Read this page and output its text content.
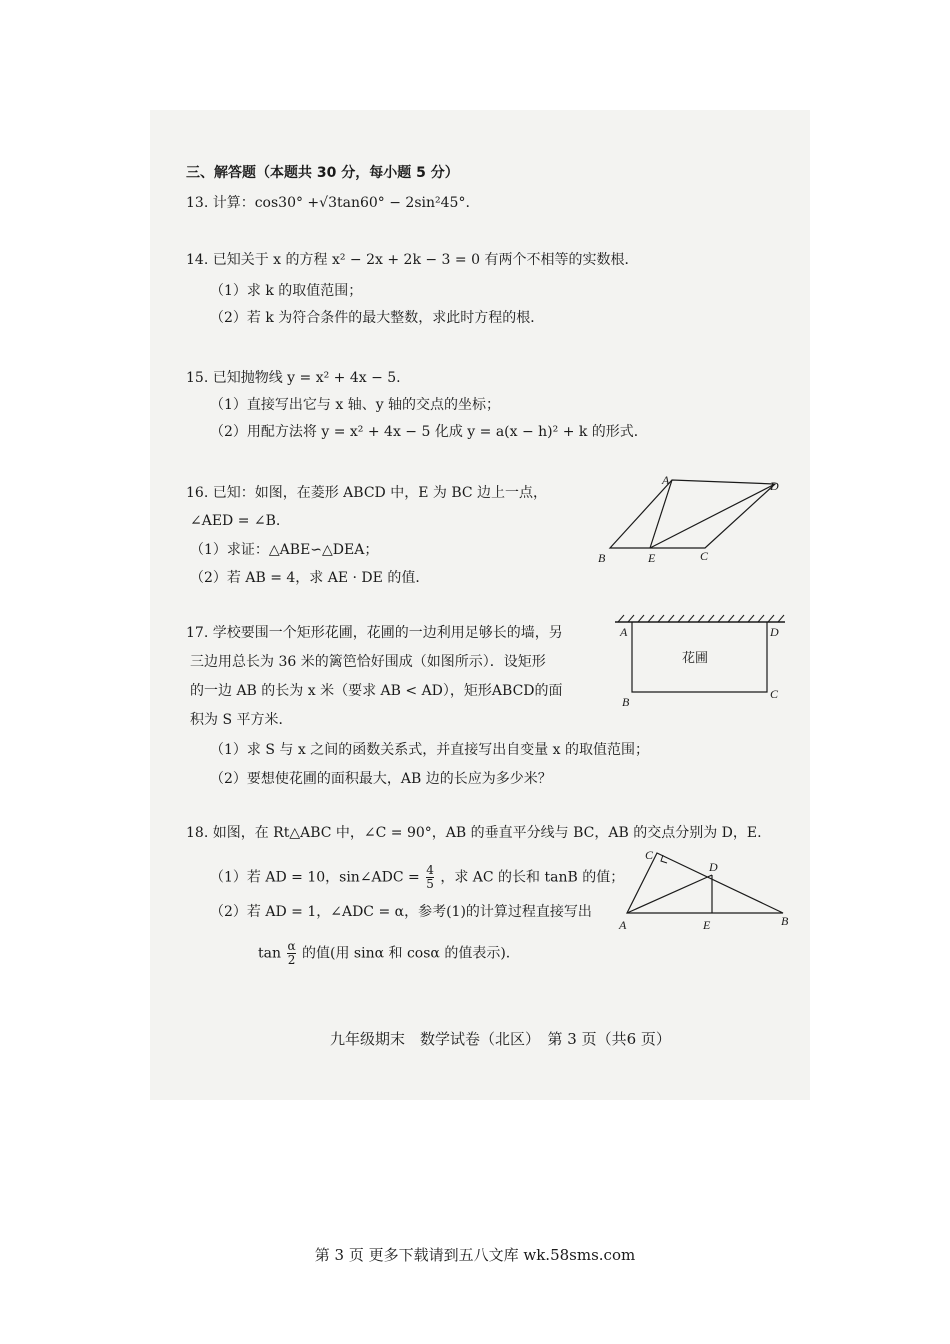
三、解答题（本题共 30 分，每小题 5 分）
13. 计算：cos30° +√3tan60° − 2sin²45°.
14. 已知关于 x 的方程 x² − 2x + 2k − 3 = 0 有两个不相等的实数根．
（1）求 k 的取值范围；
（2）若 k 为符合条件的最大整数，求此时方程的根．
15. 已知抛物线 y = x² + 4x − 5.
（1）直接写出它与 x 轴、y 轴的交点的坐标；
（2）用配方法将 y = x² + 4x − 5 化成 y = a(x − h)² + k 的形式．
16. 已知：如图，在菱形 ABCD 中，E 为 BC 边上一点，
∠AED = ∠B.
（1）求证：△ABE∽△DEA；
（2）若 AB = 4，求 AE · DE 的值．
A	D
B	E	C
17. 学校要围一个矩形花圃，花圃的一边利用足够长的墙，另
三边用总长为 36 米的篱笆恰好围成（如图所示）．设矩形
的一边 AB 的长为 x 米（要求 AB < AD），矩形ABCD的面
积为 S 平方米．
（1）求 S 与 x 之间的函数关系式，并直接写出自变量 x 的取值范围；
（2）要想使花圃的面积最大，AB 边的长应为多少米？
A	D
B
C
花圃
18. 如图，在 Rt△ABC 中，∠C = 90°，AB 的垂直平分线与 BC，AB 的交点分别为 D，E.
（1）若 AD = 10，sin∠ADC = $\frac{4}{5}$ ，求 AC 的长和 tanB 的值；
（2）若 AD = 1，∠ADC = α，参考(1)的计算过程直接写出
$\tan \frac{\alpha}{2}$ 的值(用 sinα 和 cosα 的值表示).
C
D
A	E	B
九年级期末　数学试卷（北区）　第 3 页（共6 页）
第 3 页 更多下载请到五八文库 wk.58sms.com
